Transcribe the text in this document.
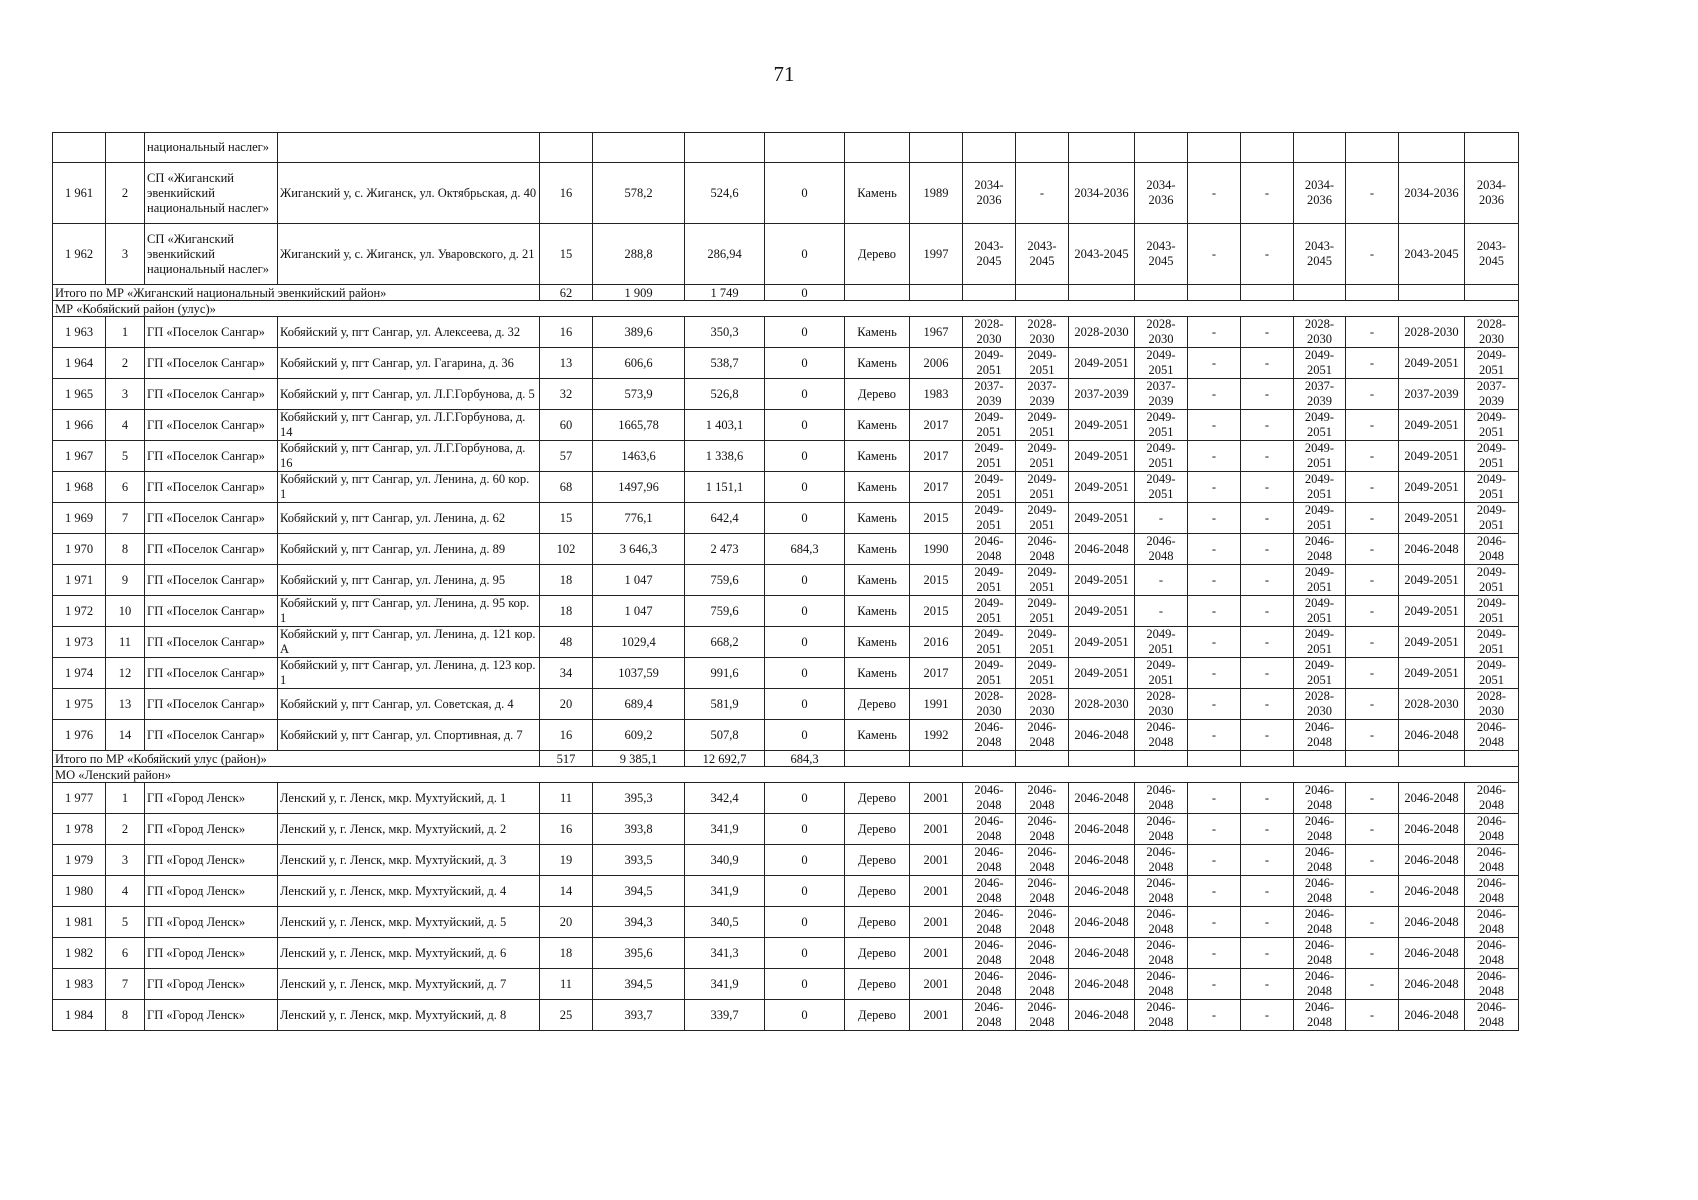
71
		национальный наслег»																	
1 961	2	СП «Жиганский эвенкийский национальный наслег»	Жиганский у, с. Жиганск, ул. Октябрьская, д. 40	16	578,2	524,6	0	Камень	1989	2034-2036	-	2034-2036	2034-2036	-	-	2034-2036	-	2034-2036	2034-2036
1 962	3	СП «Жиганский эвенкийский национальный наслег»	Жиганский у, с. Жиганск, ул. Уваровского, д. 21	15	288,8	286,94	0	Дерево	1997	2043-2045	2043-2045	2043-2045	2043-2045	-	-	2043-2045	-	2043-2045	2043-2045
Итого по МР «Жиганский национальный эвенкийский район»				62	1 909	1 749	0												
МР «Кобяйский район (улус)»																			
1 963	1	ГП «Поселок Сангар»	Кобяйский у, пгт Сангар, ул. Алексеева, д. 32	16	389,6	350,3	0	Камень	1967	2028-2030	2028-2030	2028-2030	2028-2030	-	-	2028-2030	-	2028-2030	2028-2030
1 964	2	ГП «Поселок Сангар»	Кобяйский у, пгт Сангар, ул. Гагарина, д. 36	13	606,6	538,7	0	Камень	2006	2049-2051	2049-2051	2049-2051	2049-2051	-	-	2049-2051	-	2049-2051	2049-2051
1 965	3	ГП «Поселок Сангар»	Кобяйский у, пгт Сангар, ул. Л.Г.Горбунова, д. 5	32	573,9	526,8	0	Дерево	1983	2037-2039	2037-2039	2037-2039	2037-2039	-	-	2037-2039	-	2037-2039	2037-2039
1 966	4	ГП «Поселок Сангар»	Кобяйский у, пгт Сангар, ул. Л.Г.Горбунова, д. 14	60	1665,78	1 403,1	0	Камень	2017	2049-2051	2049-2051	2049-2051	2049-2051	-	-	2049-2051	-	2049-2051	2049-2051
1 967	5	ГП «Поселок Сангар»	Кобяйский у, пгт Сангар, ул. Л.Г.Горбунова, д. 16	57	1463,6	1 338,6	0	Камень	2017	2049-2051	2049-2051	2049-2051	2049-2051	-	-	2049-2051	-	2049-2051	2049-2051
1 968	6	ГП «Поселок Сангар»	Кобяйский у, пгт Сангар, ул. Ленина, д. 60 кор. 1	68	1497,96	1 151,1	0	Камень	2017	2049-2051	2049-2051	2049-2051	2049-2051	-	-	2049-2051	-	2049-2051	2049-2051
1 969	7	ГП «Поселок Сангар»	Кобяйский у, пгт Сангар, ул. Ленина, д. 62	15	776,1	642,4	0	Камень	2015	2049-2051	2049-2051	2049-2051	-	-	-	2049-2051	-	2049-2051	2049-2051
1 970	8	ГП «Поселок Сангар»	Кобяйский у, пгт Сангар, ул. Ленина, д. 89	102	3 646,3	2 473	684,3	Камень	1990	2046-2048	2046-2048	2046-2048	2046-2048	-	-	2046-2048	-	2046-2048	2046-2048
1 971	9	ГП «Поселок Сангар»	Кобяйский у, пгт Сангар, ул. Ленина, д. 95	18	1 047	759,6	0	Камень	2015	2049-2051	2049-2051	2049-2051	-	-	-	2049-2051	-	2049-2051	2049-2051
1 972	10	ГП «Поселок Сангар»	Кобяйский у, пгт Сангар, ул. Ленина, д. 95 кор. 1	18	1 047	759,6	0	Камень	2015	2049-2051	2049-2051	2049-2051	-	-	-	2049-2051	-	2049-2051	2049-2051
1 973	11	ГП «Поселок Сангар»	Кобяйский у, пгт Сангар, ул. Ленина, д. 121 кор. А	48	1029,4	668,2	0	Камень	2016	2049-2051	2049-2051	2049-2051	2049-2051	-	-	2049-2051	-	2049-2051	2049-2051
1 974	12	ГП «Поселок Сангар»	Кобяйский у, пгт Сангар, ул. Ленина, д. 123 кор. 1	34	1037,59	991,6	0	Камень	2017	2049-2051	2049-2051	2049-2051	2049-2051	-	-	2049-2051	-	2049-2051	2049-2051
1 975	13	ГП «Поселок Сангар»	Кобяйский у, пгт Сангар, ул. Советская, д. 4	20	689,4	581,9	0	Дерево	1991	2028-2030	2028-2030	2028-2030	2028-2030	-	-	2028-2030	-	2028-2030	2028-2030
1 976	14	ГП «Поселок Сангар»	Кобяйский у, пгт Сангар, ул. Спортивная, д. 7	16	609,2	507,8	0	Камень	1992	2046-2048	2046-2048	2046-2048	2046-2048	-	-	2046-2048	-	2046-2048	2046-2048
Итого по МР «Кобяйский улус (район)»				517	9 385,1	12 692,7	684,3												
МО «Ленский район»																			
1 977	1	ГП «Город Ленск»	Ленский у, г. Ленск, мкр. Мухтуйский, д. 1	11	395,3	342,4	0	Дерево	2001	2046-2048	2046-2048	2046-2048	2046-2048	-	-	2046-2048	-	2046-2048	2046-2048
1 978	2	ГП «Город Ленск»	Ленский у, г. Ленск, мкр. Мухтуйский, д. 2	16	393,8	341,9	0	Дерево	2001	2046-2048	2046-2048	2046-2048	2046-2048	-	-	2046-2048	-	2046-2048	2046-2048
1 979	3	ГП «Город Ленск»	Ленский у, г. Ленск, мкр. Мухтуйский, д. 3	19	393,5	340,9	0	Дерево	2001	2046-2048	2046-2048	2046-2048	2046-2048	-	-	2046-2048	-	2046-2048	2046-2048
1 980	4	ГП «Город Ленск»	Ленский у, г. Ленск, мкр. Мухтуйский, д. 4	14	394,5	341,9	0	Дерево	2001	2046-2048	2046-2048	2046-2048	2046-2048	-	-	2046-2048	-	2046-2048	2046-2048
1 981	5	ГП «Город Ленск»	Ленский у, г. Ленск, мкр. Мухтуйский, д. 5	20	394,3	340,5	0	Дерево	2001	2046-2048	2046-2048	2046-2048	2046-2048	-	-	2046-2048	-	2046-2048	2046-2048
1 982	6	ГП «Город Ленск»	Ленский у, г. Ленск, мкр. Мухтуйский, д. 6	18	395,6	341,3	0	Дерево	2001	2046-2048	2046-2048	2046-2048	2046-2048	-	-	2046-2048	-	2046-2048	2046-2048
1 983	7	ГП «Город Ленск»	Ленский у, г. Ленск, мкр. Мухтуйский, д. 7	11	394,5	341,9	0	Дерево	2001	2046-2048	2046-2048	2046-2048	2046-2048	-	-	2046-2048	-	2046-2048	2046-2048
1 984	8	ГП «Город Ленск»	Ленский у, г. Ленск, мкр. Мухтуйский, д. 8	25	393,7	339,7	0	Дерево	2001	2046-2048	2046-2048	2046-2048	2046-2048	-	-	2046-2048	-	2046-2048	2046-2048
